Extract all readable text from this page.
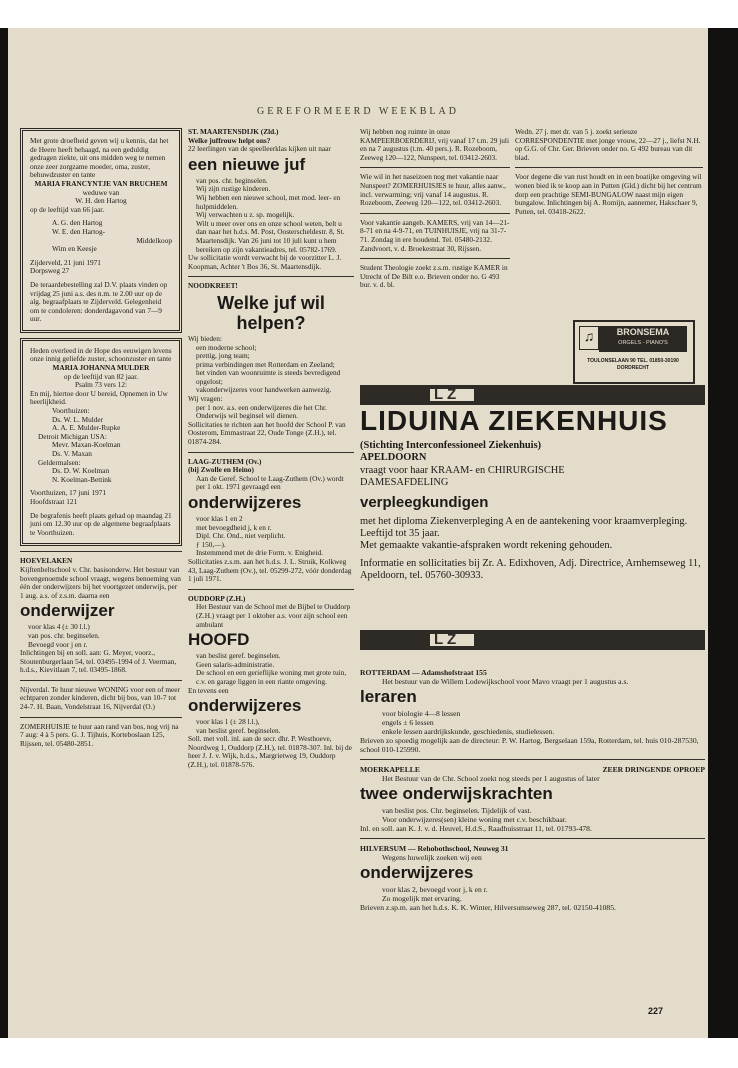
GEREFORMEERD WEEKBLAD

Met grote droefheid geven wij u kennis, dat het de Heere heeft behaagd, na een geduldig gedragen ziekte, uit ons midden weg te nemen onze zeer zorgzame moeder, oma, zuster, behuwdzuster en tante

MARIA FRANCYNTJE VAN BRUCHEM

weduwe van

W. H. den Hartog

op de leeftijd van 66 jaar.

A. G. den Hartog

W. E. den Hartog-

Middelkoop

Wim en Keesje

Zijderveld, 21 juni 1971

Dorpsweg 27

De teraardebestelling zal D.V. plaats vinden op vrijdag 25 juni a.s. des n.m. te 2.00 uur op de alg. begraafplaats te Zijderveld. Gelegenheid om te condoleren: donderdagavond van 7—9 uur.

Heden overleed in de Hope des eeuwigen levens onze innig geliefde zuster, schoonzuster en tante

MARIA JOHANNA MULDER

op de leeftijd van 82 jaar.

Psalm 73 vers 12:

En mij, hiertoe door U bereid, Opnemen in Uw heerlijkheid.

Voorthuizen:

Ds. W. L. Mulder

A. A. E. Mulder-Rupke

Detroit Michigan USA:

Mevr. Maxan-Koelman

Ds. V. Maxan

Geldermalsen:

Ds. D. W. Koelman

N. Koelman-Bettink

Voorthuizen, 17 juni 1971

Hoofdstraat 121

De begrafenis heeft plaats gehad op maandag 21 juni om 12.30 uur op de algemene begraafplaats te Voorthuizen.

HOEVELAKEN

Kijftenbeltschool v. Chr. basisonderw. Het bestuur van bovengenoemde school vraagt, wegens benoeming van één der onderwijzers bij het voortgezet onderwijs, per 1 aug. a.s. of z.s.m. daarna een

onderwijzer

voor klas 4 (± 30 l.l.)

van pos. chr. beginselen.

Bevoegd voor j en r.

Inlichtingen bij en soll. aan: G. Meyer, voorz., Stoutenburgerlaan 54, tel. 03495-1994 of J. Veerman, h.d.s., Kievitlaan 7, tel. 03495-1868.

Nijverdal. Te huur nieuwe WONING voor een of meer echtparen zonder kinderen, dicht bij bos, van 10-7 tot 24-7. H. Baan, Vondelstraat 16, Nijverdal (O.)

ZOMERHUISJE te huur aan rand van bos, nog vrij na 7 aug: 4 à 5 pers. G. J. Tijhuis, Korteboslaan 125, Rijssen, tel. 05480-2851.

ST. MAARTENSDIJK (Zld.)

Welke juffrouw helpt ons?

22 leerlingen van de speelleerklas kijken uit naar

een nieuwe juf

van pos. chr. beginselen.

Wij zijn rustige kinderen.

Wij hebben een nieuwe school, met mod. leer- en hulpmiddelen.

Wij verwachten u z. sp. mogelijk.

Wilt u meer over ons en onze school weten, belt u dan naar het h.d.s. M. Post, Oosterscheldestr. 8, St. Maartensdijk. Van 26 juni tot 10 juli kunt u hem bereiken op zijn vakantieadres, tel. 05782-1769.

Uw sollicitatie wordt verwacht bij de voorzitter L. J. Koopman, Achter 't Bos 36, St. Maartensdijk.

NOODKREET!

Welke juf wil helpen?

Wij bieden:

een moderne school;

prettig, jong team;

prima verbindingen met Rotterdam en Zeeland;

het vinden van woonruimte is steeds bevredigend opgelost;

vakonderwijzeres voor handwerken aanwezig.

Wij vragen:

per 1 nov. a.s. een onderwijzeres die het Chr. Onderwijs wil beginsel wil dienen.

Sollicitaties te richten aan het hoofd der School P. van Oosterom, Emmastraat 22, Oude Tonge (Z.H.), tel. 01874-284.

LAAG-ZUTHEM (Ov.)

(bij Zwolle en Heino)

Aan de Geref. School te Laag-Zuthem (Ov.) wordt per 1 okt. 1971 gevraagd een

onderwijzeres

voor klas 1 en 2

met bevoegdheid j, k en r.

Dipl. Chr. Ond., niet verplicht.

ƒ 150,—).

Instemmend met de drie Form. v. Enigheid.

Sollicitaties z.s.m. aan het h.d.s. J. L. Struik, Kolkweg 43, Laag-Zuthem (Ov.), tel. 05299-272, vóór donderdag 1 juli 1971.

OUDDORP (Z.H.)

Het Bestuur van de School met de Bijbel te Ouddorp (Z.H.) vraagt per 1 oktober a.s. voor zijn school een ambulant

HOOFD

van beslist geref. beginselen.

Geen salaris-administratie.

De school en een gerieflijke woning met grote tuin, c.v. en garage liggen in een riante omgeving.

En tevens een

onderwijzeres

voor klas 1 (± 28 l.l.),

van beslist geref. beginselen.

Soll. met voll. inl. aan de secr. dhr. P. Westhoeve, Noordweg 1, Ouddorp (Z.H.), tel. 01878-307. Inl. bij de heer J. J. v. Wijk, h.d.s., Margrietweg 19, Ouddorp (Z.H.), tel. 01878-576.

Wij hebben nog ruimte in onze KAMPEERBOERDERIJ, vrij vanaf 17 t.m. 29 juli en na 7 augustus (t.m. 40 pers.). R. Rozeboom, Zeeweg 120—122, Nunspeet, tel. 03412-2603.

Wie wil in het naseizoen nog met vakantie naar Nunspeet? ZOMERHUISJES te huur, alles aanw., incl. verwarming; vrij vanaf 14 augustus. R. Rozeboom, Zeeweg 120—122, tel. 03412-2603.

Voor vakantie aangeb. KAMERS, vrij van 14—21-8-71 en na 4-9-71, en TUINHUISJE, vrij na 31-7-71. Zondag in ere houdend. Tel. 05480-2132. Zandvoort, v. d. Broekestraat 30, Rijssen.

Student Theologie zoekt z.s.m. rustige KAMER in Utrecht of De Bilt e.o. Brieven onder no. G 493 bur. v. d. bl.

Wedn. 27 j. met dr. van 5 j. zoekt serieuze CORRESPONDENTIE met jonge vrouw, 22—27 j., liefst N.H. op G.G. of Chr. Ger. Brieven onder no. G 492 bureau van dit blad.

Voor degene die van rust houdt en in een boatijke omgeving wil wonen bied ik te koop aan in Putten (Gld.) dicht bij het centrum dorp een prachtige SEMI-BUNGALOW naast mijn eigen bungalow. Inlichtingen bij A. Romijn, aannemer, Hakschaer 9, Putten, tel. 03418-2622.

♫	BRONSEMA
ORGELS - PIANO'S
TOULONSELAAN 90 TEL. 01850-30190
DORDRECHT
L Z
LIDUINA ZIEKENHUIS

(Stichting Interconfessioneel Ziekenhuis)

APELDOORN

vraagt voor haar KRAAM- en CHIRURGISCHE

DAMESAFDELING

verpleegkundigen

met het diploma Ziekenverpleging A en de aantekening voor kraamverpleging.

Leeftijd tot 35 jaar.

Met gemaakte vakantie-afspraken wordt rekening gehouden.

Informatie en sollicitaties bij Zr. A. Edixhoven, Adj. Directrice, Arnhemseweg 11, Apeldoorn, tel. 05760-30933.

L Z

ROTTERDAM — Adamshofstraat 155

Het bestuur van de Willem Lodewijkschool voor Mavo vraagt per 1 augustus a.s.

leraren

voor biologie 4—8 lessen

engels ± 6 lessen

enkele lessen aardrijkskunde, geschiedenis, studielessen.

Brieven zo spoedig mogelijk aan de directeur: P. W. Hartog, Bergselaan 159a, Rotterdam, tel. huis 010-287530, school 010-125990.

MOERKAPELLE	ZEER DRINGENDE OPROEP

Het Bestuur van de Chr. School zoekt nog steeds per 1 augustus of later

twee onderwijskrachten

van beslist pos. Chr. beginselen. Tijdelijk of vast.

Voor onderwijzeres(sen) kleine woning met c.v. beschikbaar.

Inl. en soll. aan K. J. v. d. Heuvel, H.d.S., Raadhuisstraat 11, tel. 01793-478.

HILVERSUM — Rehobothschool, Neuweg 31

Wegens huwelijk zoeken wij een

onderwijzeres

voor klas 2, bevoegd voor j, k en r.

Zo mogelijk met ervaring.

Brieven z.sp.m. aan het h.d.s. K. K. Winter, Hilversumseweg 287, tel. 02150-41085.

227
